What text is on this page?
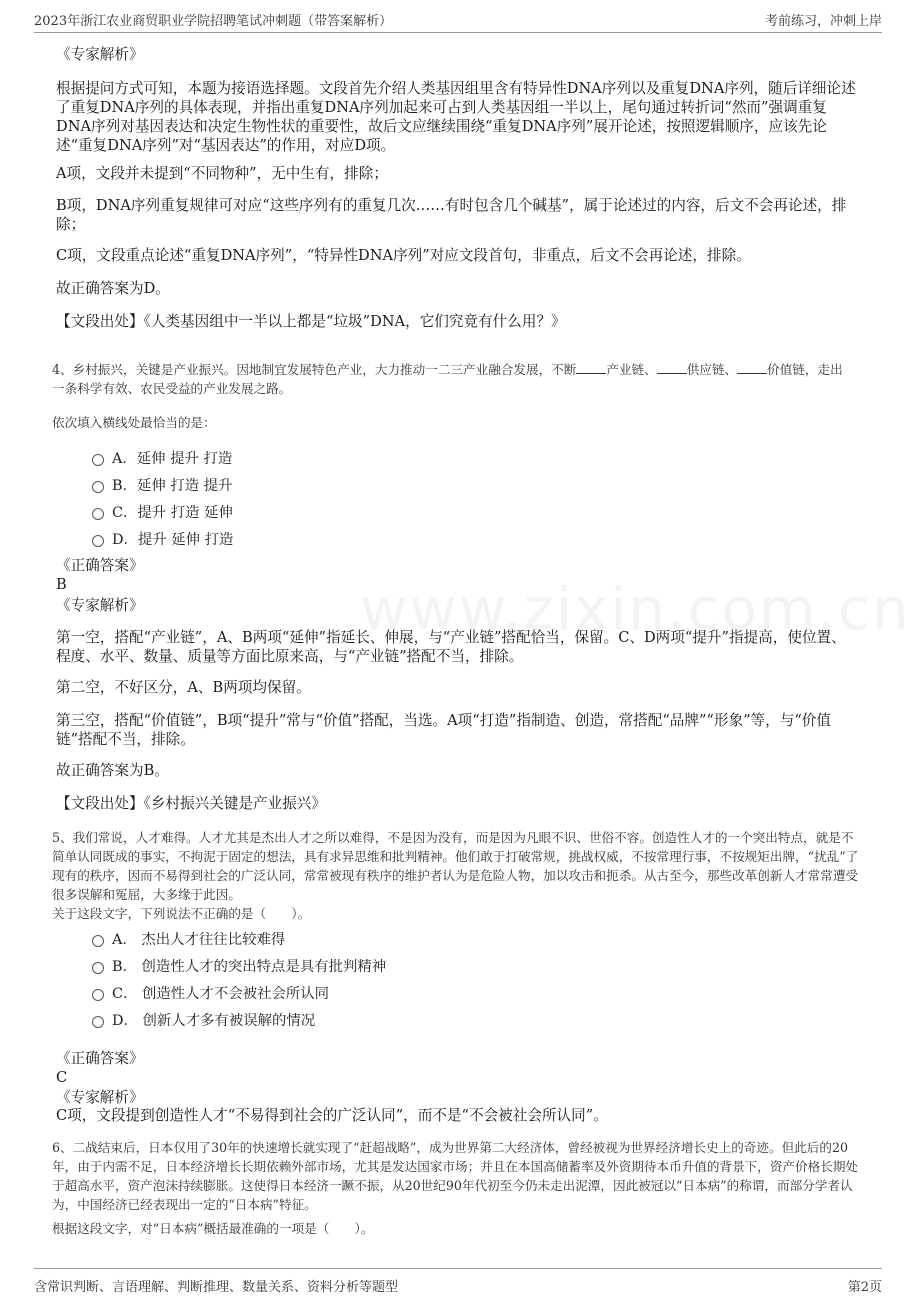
2023年浙江农业商贸职业学院招聘笔试冲刺题（带答案解析）	考前练习，冲刺上岸
《专家解析》
根据提问方式可知，本题为接语选择题。文段首先介绍人类基因组里含有特异性DNA序列以及重复DNA序列，随后详细论述了重复DNA序列的具体表现，并指出重复DNA序列加起来可占到人类基因组一半以上，尾句通过转折词“然而”强调重复DNA序列对基因表达和决定生物性状的重要性，故后文应继续围绕“重复DNA序列”展开论述，按照逻辑顺序，应该先论述“重复DNA序列”对“基因表达”的作用，对应D项。
A项，文段并未提到“不同物种”，无中生有，排除；
B项，DNA序列重复规律可对应“这些序列有的重复几次……有时包含几个碱基”，属于论述过的内容，后文不会再论述，排除；
C项，文段重点论述“重复DNA序列”，“特异性DNA序列”对应文段首句，非重点，后文不会再论述，排除。
故正确答案为D。
【文段出处】《人类基因组中一半以上都是“垃圾”DNA，它们究竟有什么用？》
4、乡村振兴，关键是产业振兴。因地制宜发展特色产业，大力推动一二三产业融合发展，不断 产业链、 供应链、 价值链，走出
一条科学有效、农民受益的产业发展之路。
依次填入横线处最恰当的是：
A．延伸 提升 打造
B．延伸 打造 提升
C．提升 打造 延伸
D．提升 延伸 打造
《正确答案》
B
《专家解析》
第一空，搭配“产业链”，A、B两项“延伸”指延长、伸展，与“产业链”搭配恰当，保留。C、D两项“提升”指提高，使位置、程度、水平、数量、质量等方面比原来高，与“产业链”搭配不当，排除。
第二空，不好区分，A、B两项均保留。
第三空，搭配“价值链”，B项“提升”常与“价值”搭配，当选。A项“打造”指制造、创造，常搭配“品牌”“形象”等，与“价值链”搭配不当，排除。
故正确答案为B。
【文段出处】《乡村振兴关键是产业振兴》
5、我们常说，人才难得。人才尤其是杰出人才之所以难得，不是因为没有，而是因为凡眼不识、世俗不容。创造性人才的一个突出特点，就是不简单认同既成的事实，不拘泥于固定的想法，具有求异思维和批判精神。他们敢于打破常规，挑战权威，不按常理行事，不按规矩出牌，“扰乱”了现有的秩序，因而不易得到社会的广泛认同，常常被现有秩序的维护者认为是危险人物，加以攻击和扼杀。从古至今，那些改革创新人才常常遭受很多误解和冤屈，大多缘于此因。
关于这段文字，下列说法不正确的是（　　）。
A． 杰出人才往往比较难得
B． 创造性人才的突出特点是具有批判精神
C． 创造性人才不会被社会所认同
D． 创新人才多有被误解的情况
《正确答案》
C
《专家解析》
C项，文段提到创造性人才“不易得到社会的广泛认同”，而不是“不会被社会所认同”。
6、二战结束后，日本仅用了30年的快速增长就实现了“赶超战略”，成为世界第二大经济体，曾经被视为世界经济增长史上的奇迹。但此后的20年，由于内需不足，日本经济增长长期依赖外部市场，尤其是发达国家市场；并且在本国高储蓄率及外资期待本币升值的背景下，资产价格长期处于超高水平，资产泡沫持续膨胀。这使得日本经济一蹶不振，从20世纪90年代初至今仍未走出泥潭，因此被冠以“日本病”的称谓，而部分学者认为，中国经济已经表现出一定的“日本病”特征。
根据这段文字，对“日本病”概括最准确的一项是（　　）。
含常识判断、言语理解、判断推理、数量关系、资料分析等题型	第2页
